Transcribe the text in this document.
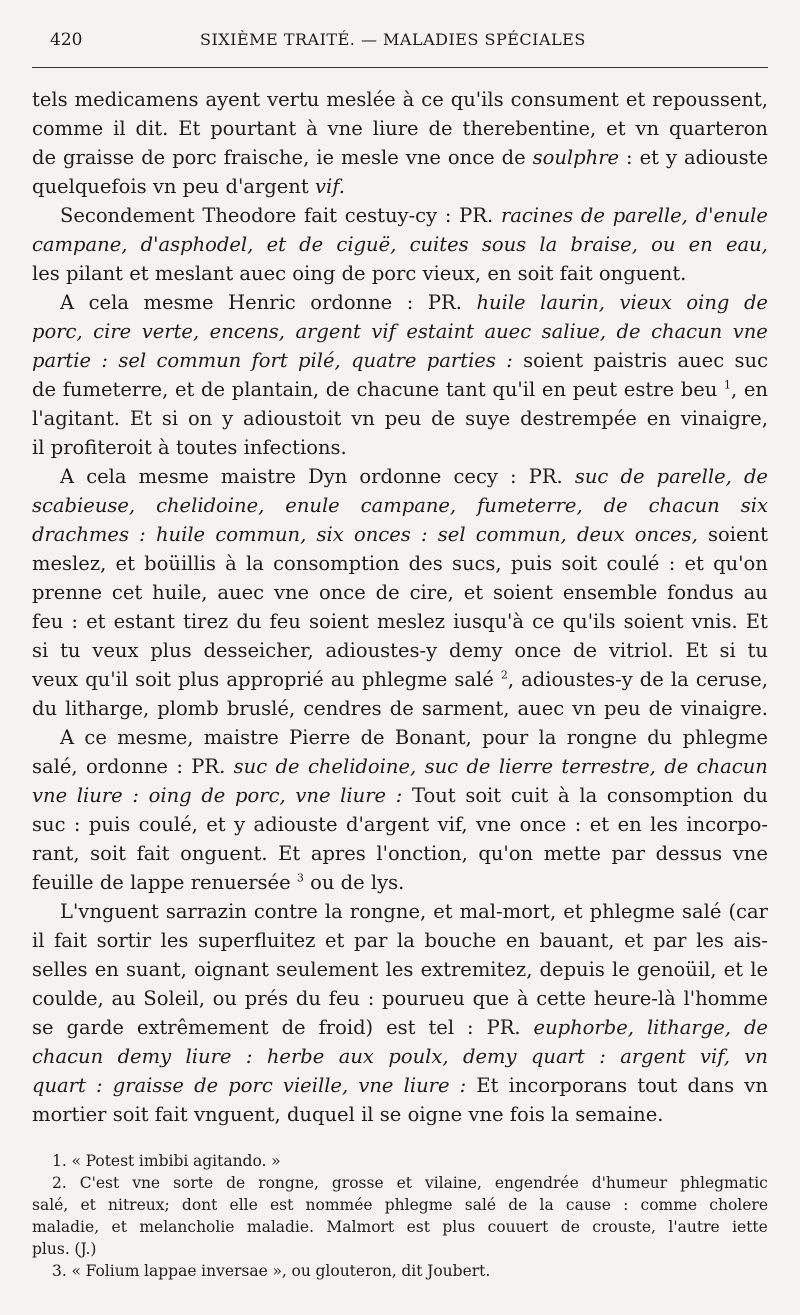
420	SIXIÈME TRAITÉ. — MALADIES SPÉCIALES
tels medicamens ayent vertu meslée à ce qu'ils consument et repoussent,
comme il dit. Et pourtant à vne liure de therebentine, et vn quarteron
de graisse de porc fraische, ie mesle vne once de soulphre : et y adiouste
quelquefois vn peu d'argent vif.
Secondement Theodore fait cestuy-cy : PR. racines de parelle, d'enule
campane, d'asphodel, et de ciguë, cuites sous la braise, ou en eau,
les pilant et meslant auec oing de porc vieux, en soit fait onguent.
A cela mesme Henric ordonne : PR. huile laurin, vieux oing de
porc, cire verte, encens, argent vif estaint auec saliue, de chacun vne
partie : sel commun fort pilé, quatre parties : soient paistris auec suc
de fumeterre, et de plantain, de chacune tant qu'il en peut estre beu $^1$, en
l'agitant. Et si on y adioustoit vn peu de suye destrempée en vinaigre,
il profiteroit à toutes infections.
A cela mesme maistre Dyn ordonne cecy : PR. suc de parelle, de
scabieuse, chelidoine, enule campane, fumeterre, de chacun six
drachmes : huile commun, six onces : sel commun, deux onces, soient
meslez, et boüillis à la consomption des sucs, puis soit coulé : et qu'on
prenne cet huile, auec vne once de cire, et soient ensemble fondus au
feu : et estant tirez du feu soient meslez iusqu'à ce qu'ils soient vnis. Et
si tu veux plus desseicher, adioustes-y demy once de vitriol. Et si tu
veux qu'il soit plus approprié au phlegme salé $^2$, adioustes-y de la ceruse,
du litharge, plomb bruslé, cendres de sarment, auec vn peu de vinaigre.
A ce mesme, maistre Pierre de Bonant, pour la rongne du phlegme
salé, ordonne : PR. suc de chelidoine, suc de lierre terrestre, de chacun
vne liure : oing de porc, vne liure : Tout soit cuit à la consomption du
suc : puis coulé, et y adiouste d'argent vif, vne once : et en les incorpo-
rant, soit fait onguent. Et apres l'onction, qu'on mette par dessus vne
feuille de lappe renuersée $^3$ ou de lys.
L'vnguent sarrazin contre la rongne, et mal-mort, et phlegme salé (car
il fait sortir les superfluitez et par la bouche en bauant, et par les ais-
selles en suant, oignant seulement les extremitez, depuis le genoüil, et le
coulde, au Soleil, ou prés du feu : pourueu que à cette heure-là l'homme
se garde extrêmement de froid) est tel : PR. euphorbe, litharge, de
chacun demy liure : herbe aux poulx, demy quart : argent vif, vn
quart : graisse de porc vieille, vne liure : Et incorporans tout dans vn
mortier soit fait vnguent, duquel il se oigne vne fois la semaine.
1. « Potest imbibi agitando. »
2. C'est vne sorte de rongne, grosse et vilaine, engendrée d'humeur phlegmatic
salé, et nitreux; dont elle est nommée phlegme salé de la cause : comme cholere
maladie, et melancholie maladie. Malmort est plus couuert de crouste, l'autre iette
plus. (J.)
3. « Folium lappae inversae », ou glouteron, dit Joubert.
